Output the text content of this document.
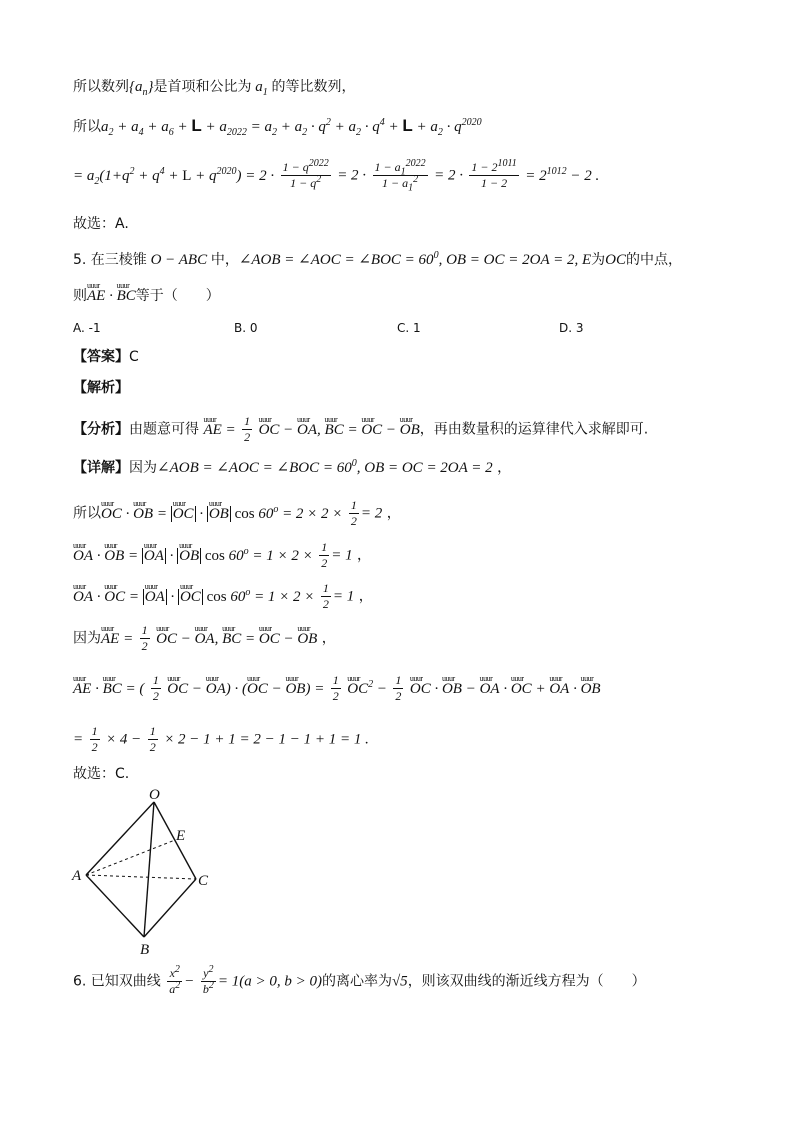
所以数列$\{a_n\}$是首项和公比为 $a_1$ 的等比数列，
所以$a_2 + a_4 + a_6 + L + a_{2022} = a_2 + a_2 \cdot q^2 + a_2 \cdot q^4 + L + a_2 \cdot q^{2020}$
= $a_2(1+q^2 + q^4 + L + q^{2020}) = 2 \cdot \frac{1 - q^{2022}}{1 - q^2} = 2 \cdot \frac{1 - a_1^{2022}}{1 - a_1^2} = 2 \cdot \frac{1 - 2^{1011}}{1 - 2} = 2^{1012} - 2$ .
故选：A.
5. 在三棱锥 O − ABC 中，∠AOB = ∠AOC = ∠BOC = $60^0$, OB = OC = 2OA = 2, E为OC的中点，
则uuur AE · uuur BC等于（　　）
A. -1	B. 0	C. 1	D. 3
【答案】C
【解析】
【分析】由题意可得 uuur AE = $\frac{1}{2}$ uuur OC − uuur OA, uuur BC = uuur OC − uuur OB，再由数量积的运算律代入求解即可.
【详解】因为∠AOB = ∠AOC = ∠BOC = $60^0$, OB = OC = 2OA = 2 ，
所以uuur OC · uuur OB = uuur OC · uuur OB $\cos 60^o = 2 \times 2 \times \frac{1}{2} = 2$ ，
uuur OA · uuur OB = uuur OA · uuur OB $\cos 60^o = 1 \times 2 \times \frac{1}{2} = 1$ ，
uuur OA · uuur OC = uuur OA · uuur OC $\cos 60^o = 1 \times 2 \times \frac{1}{2} = 1$ ，
因为uuur AE = $\frac{1}{2}$ uuur OC − uuur OA, uuur BC = uuur OC − uuur OB ，
uuur AE · uuur BC = ( $\frac{1}{2}$ uuur OC − uuur OA) · (uuur OC − uuur $OB) = \frac{1}{2}$ uuur $OC^2 - \frac{1}{2}$ uuur OC · uuur OB − uuur OA · uuur OC + uuur OA · uuur OB
= $\frac{1}{2} \times 4 - \frac{1}{2} \times 2 - 1 + 1 = 2 - 1 - 1 + 1 = 1$ .
故选：C.
O
E
A	C
B
6. 已知双曲线 $\frac{x^2}{a^2} - \frac{y^2}{b^2} = 1(a > 0$, b > 0)的离心率为√5，则该双曲线的渐近线方程为（　　）
